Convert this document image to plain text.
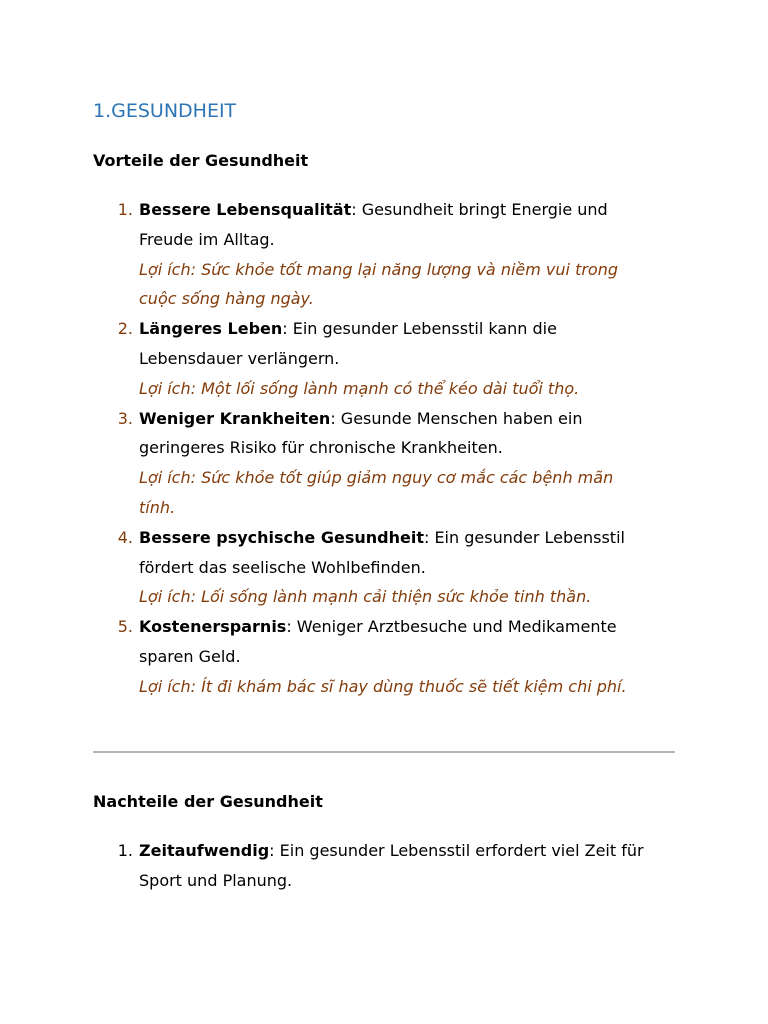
1.GESUNDHEIT
Vorteile der Gesundheit
1. Bessere Lebensqualität: Gesundheit bringt Energie und Freude im Alltag.
Lợi ích: Sức khỏe tốt mang lại năng lượng và niềm vui trong cuộc sống hàng ngày.
2. Längeres Leben: Ein gesunder Lebensstil kann die Lebensdauer verlängern.
Lợi ích: Một lối sống lành mạnh có thể kéo dài tuổi thọ.
3. Weniger Krankheiten: Gesunde Menschen haben ein geringeres Risiko für chronische Krankheiten.
Lợi ích: Sức khỏe tốt giúp giảm nguy cơ mắc các bệnh mãn tính.
4. Bessere psychische Gesundheit: Ein gesunder Lebensstil fördert das seelische Wohlbefinden.
Lợi ích: Lối sống lành mạnh cải thiện sức khỏe tinh thần.
5. Kostenersparnis: Weniger Arztbesuche und Medikamente sparen Geld.
Lợi ích: Ít đi khám bác sĩ hay dùng thuốc sẽ tiết kiệm chi phí.
Nachteile der Gesundheit
1. Zeitaufwendig: Ein gesunder Lebensstil erfordert viel Zeit für Sport und Planung.
